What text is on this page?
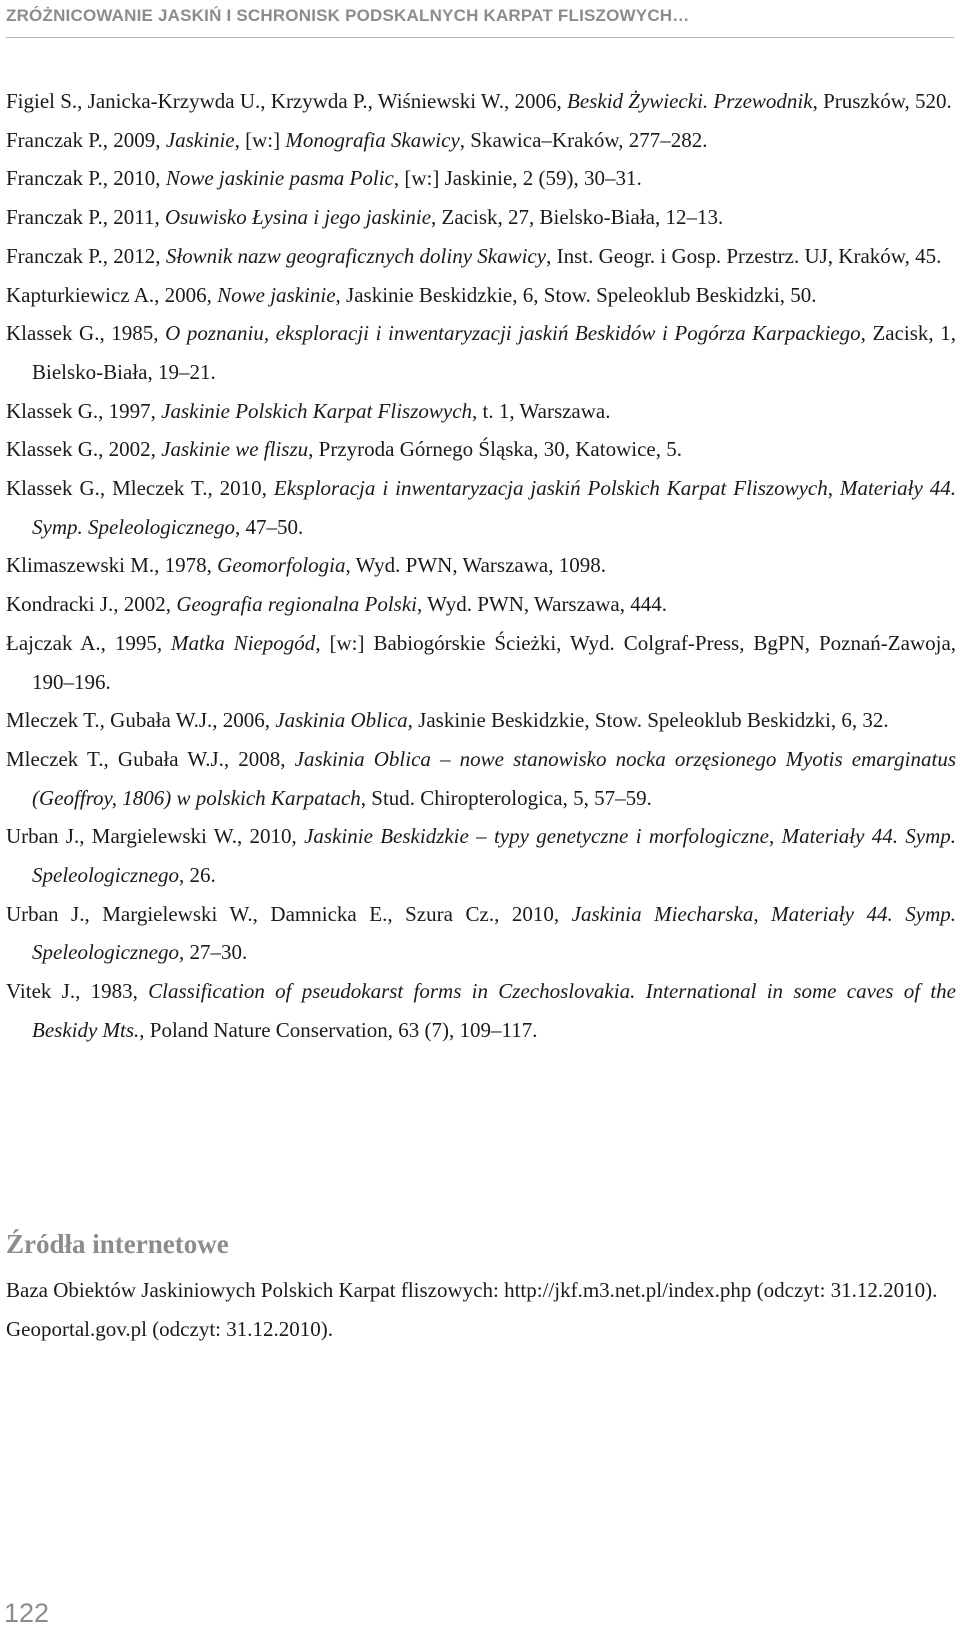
ZRÓŻNICOWANIE JASKIŃ I SCHRONISK PODSKALNYCH KARPAT FLISZOWYCH…
Figiel S., Janicka-Krzywda U., Krzywda P., Wiśniewski W., 2006, Beskid Żywiecki. Przewodnik, Pruszków, 520.
Franczak P., 2009, Jaskinie, [w:] Monografia Skawicy, Skawica–Kraków, 277–282.
Franczak P., 2010, Nowe jaskinie pasma Polic, [w:] Jaskinie, 2 (59), 30–31.
Franczak P., 2011, Osuwisko Łysina i jego jaskinie, Zacisk, 27, Bielsko-Biała, 12–13.
Franczak P., 2012, Słownik nazw geograficznych doliny Skawicy, Inst. Geogr. i Gosp. Przestrz. UJ, Kraków, 45.
Kapturkiewicz A., 2006, Nowe jaskinie, Jaskinie Beskidzkie, 6, Stow. Speleoklub Beskidzki, 50.
Klassek G., 1985, O poznaniu, eksploracji i inwentaryzacji jaskiń Beskidów i Pogórza Karpackiego, Zacisk, 1, Bielsko-Biała, 19–21.
Klassek G., 1997, Jaskinie Polskich Karpat Fliszowych, t. 1, Warszawa.
Klassek G., 2002, Jaskinie we fliszu, Przyroda Górnego Śląska, 30, Katowice, 5.
Klassek G., Mleczek T., 2010, Eksploracja i inwentaryzacja jaskiń Polskich Karpat Fliszowych, Materiały 44. Symp. Speleologicznego, 47–50.
Klimaszewski M., 1978, Geomorfologia, Wyd. PWN, Warszawa, 1098.
Kondracki J., 2002, Geografia regionalna Polski, Wyd. PWN, Warszawa, 444.
Łajczak A., 1995, Matka Niepogód, [w:] Babiogórskie Ścieżki, Wyd. Colgraf-Press, BgPN, Poznań-Zawoja, 190–196.
Mleczek T., Gubała W.J., 2006, Jaskinia Oblica, Jaskinie Beskidzkie, Stow. Speleoklub Beskidzki, 6, 32.
Mleczek T., Gubała W.J., 2008, Jaskinia Oblica – nowe stanowisko nocka orzęsionego Myotis emarginatus (Geoffroy, 1806) w polskich Karpatach, Stud. Chiropterologica, 5, 57–59.
Urban J., Margielewski W., 2010, Jaskinie Beskidzkie – typy genetyczne i morfologiczne, Materiały 44. Symp. Speleologicznego, 26.
Urban J., Margielewski W., Damnicka E., Szura Cz., 2010, Jaskinia Miecharska, Materiały 44. Symp. Speleologicznego, 27–30.
Vitek J., 1983, Classification of pseudokarst forms in Czechoslovakia. International in some caves of the Beskidy Mts., Poland Nature Conservation, 63 (7), 109–117.
Źródła internetowe
Baza Obiektów Jaskiniowych Polskich Karpat fliszowych: http://jkf.m3.net.pl/index.php (odczyt: 31.12.2010).
Geoportal.gov.pl (odczyt: 31.12.2010).
122
